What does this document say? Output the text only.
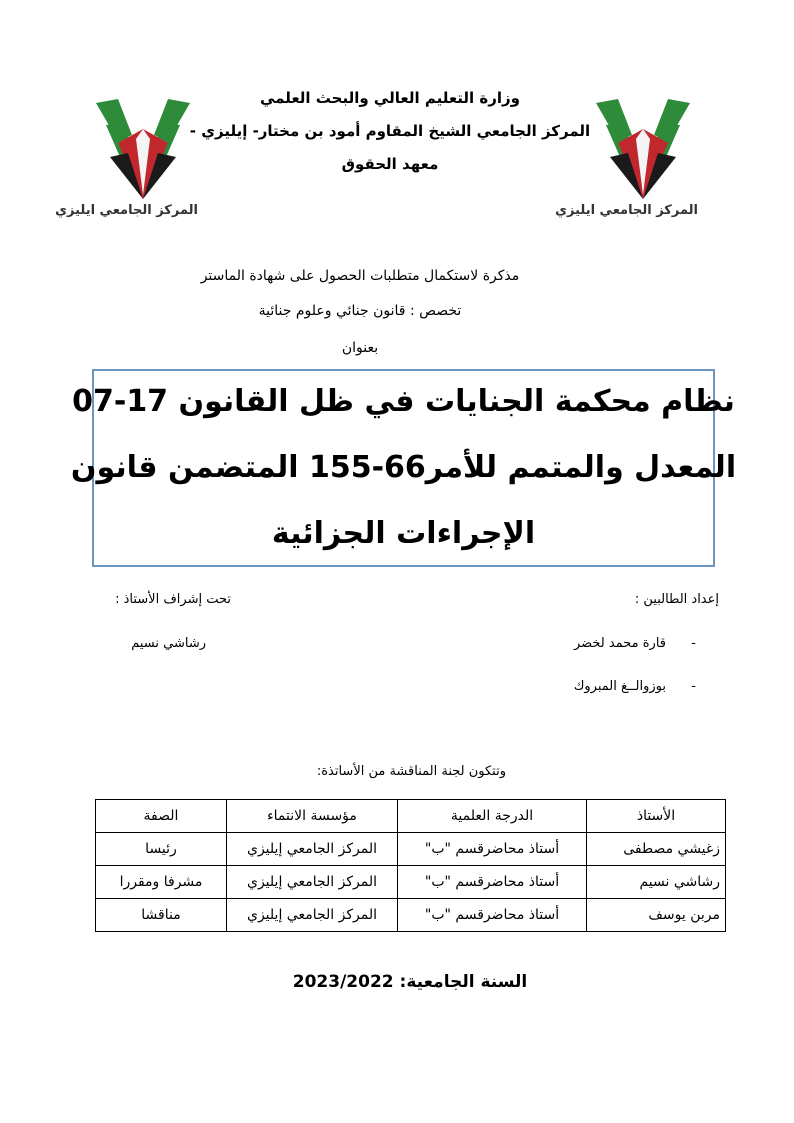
وزارة التعليم العالي والبحث العلمي
المركز الجامعي الشيخ المقاوم أمود بن مختار- إيليزي -
معهد الحقوق
المركز الجامعي ايليزي	المركز الجامعي ايليزي
مذكرة لاستكمال متطلبات الحصول على شهادة الماستر
تخصص : قانون جنائي وعلوم جنائية
بعنوان
نظام محكمة الجنايات في ظل القانون 17-07
المعدل والمتمم للأمر66-155 المتضمن قانون
الإجراءات الجزائية
إعداد الطالبين :
تحت إشراف الأستاذ :
-
قارة محمد لخضر
رشاشي نسيم
-
بوزوالــغ المبروك
وتتكون لجنة المناقشة من الأساتذة:
الأستاذ	الدرجة العلمية	مؤسسة الانتماء	الصفة
زغيشي مصطفى	أستاذ محاضرقسم "ب"	المركز الجامعي إيليزي	رئيسا
رشاشي نسيم	أستاذ محاضرقسم "ب"	المركز الجامعي إيليزي	مشرفا ومقررا
مربن يوسف	أستاذ محاضرقسم "ب"	المركز الجامعي إيليزي	مناقشا
السنة الجامعية: 2023/2022
